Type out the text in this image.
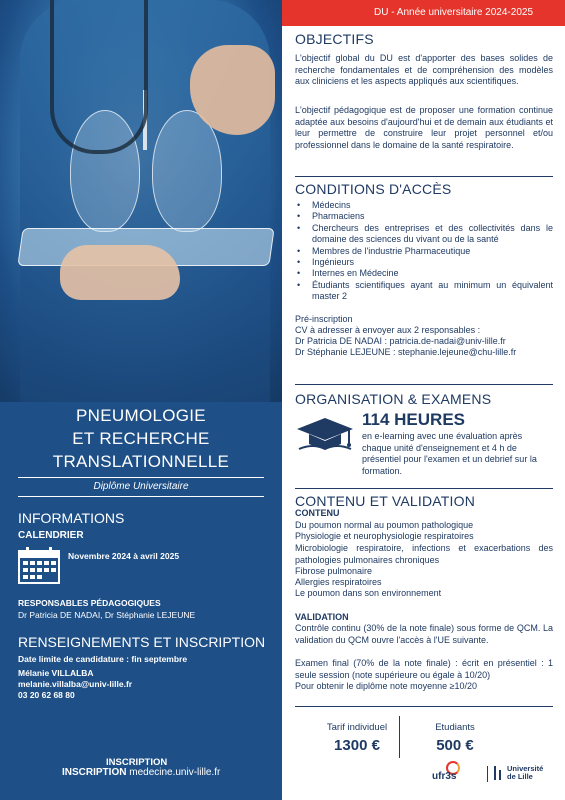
PNEUMOLOGIE
ET RECHERCHE
TRANSLATIONNELLE
Diplôme Universitaire
INFORMATIONS
CALENDRIER
Novembre 2024 à avril 2025
RESPONSABLES PÉDAGOGIQUES
Dr Patricia DE NADAI, Dr Stéphanie LEJEUNE
RENSEIGNEMENTS ET INSCRIPTION
Date limite de candidature : fin septembre
Mélanie VILLALBA
melanie.villalba@univ-lille.fr
03 20 62 68 80
INSCRIPTION
INSCRIPTION medecine.univ-lille.fr
DU - Année universitaire 2024-2025
OBJECTIFS
L'objectif global du DU est d'apporter des bases solides de recherche fondamentales et de compréhension des modèles aux cliniciens et les aspects appliqués aux scientifiques.
L'objectif pédagogique est de proposer une formation continue adaptée aux besoins d'aujourd'hui et de demain aux étudiants et leur permettre de construire leur projet personnel et/ou professionnel dans le domaine de la santé respiratoire.
CONDITIONS D'ACCÈS
• Médecins
• Pharmaciens
• Chercheurs des entreprises et des collectivités dans le domaine des sciences du vivant ou de la santé
• Membres de l'industrie Pharmaceutique
• Ingénieurs
• Internes en Médecine
• Étudiants scientifiques ayant au minimum un équivalent master 2
Pré-inscription
CV à adresser à envoyer aux 2 responsables :
Dr Patricia DE NADAI : patricia.de-nadai@univ-lille.fr
Dr Stéphanie LEJEUNE : stephanie.lejeune@chu-lille.fr
ORGANISATION & EXAMENS
114 HEURES
en e-learning avec une évaluation après chaque unité d'enseignement et 4 h de présentiel pour l'examen et un debrief sur la formation.
CONTENU ET VALIDATION
CONTENU
Du poumon normal au poumon pathologique
Physiologie et neurophysiologie respiratoires
Microbiologie respiratoire, infections et exacerbations des pathologies pulmonaires chroniques
Fibrose pulmonaire
Allergies respiratoires
Le poumon dans son environnement
VALIDATION
Contrôle continu (30% de la note finale) sous forme de QCM. La validation du QCM ouvre l'accès à l'UE suivante.
Examen final (70% de la note finale) : écrit en présentiel : 1 seule session (note supérieure ou égale à 10/20)
Pour obtenir le diplôme note moyenne ≥10/20
Tarif individuel
1300 €
Etudiants
500 €
ufr3s
Université
de Lille
